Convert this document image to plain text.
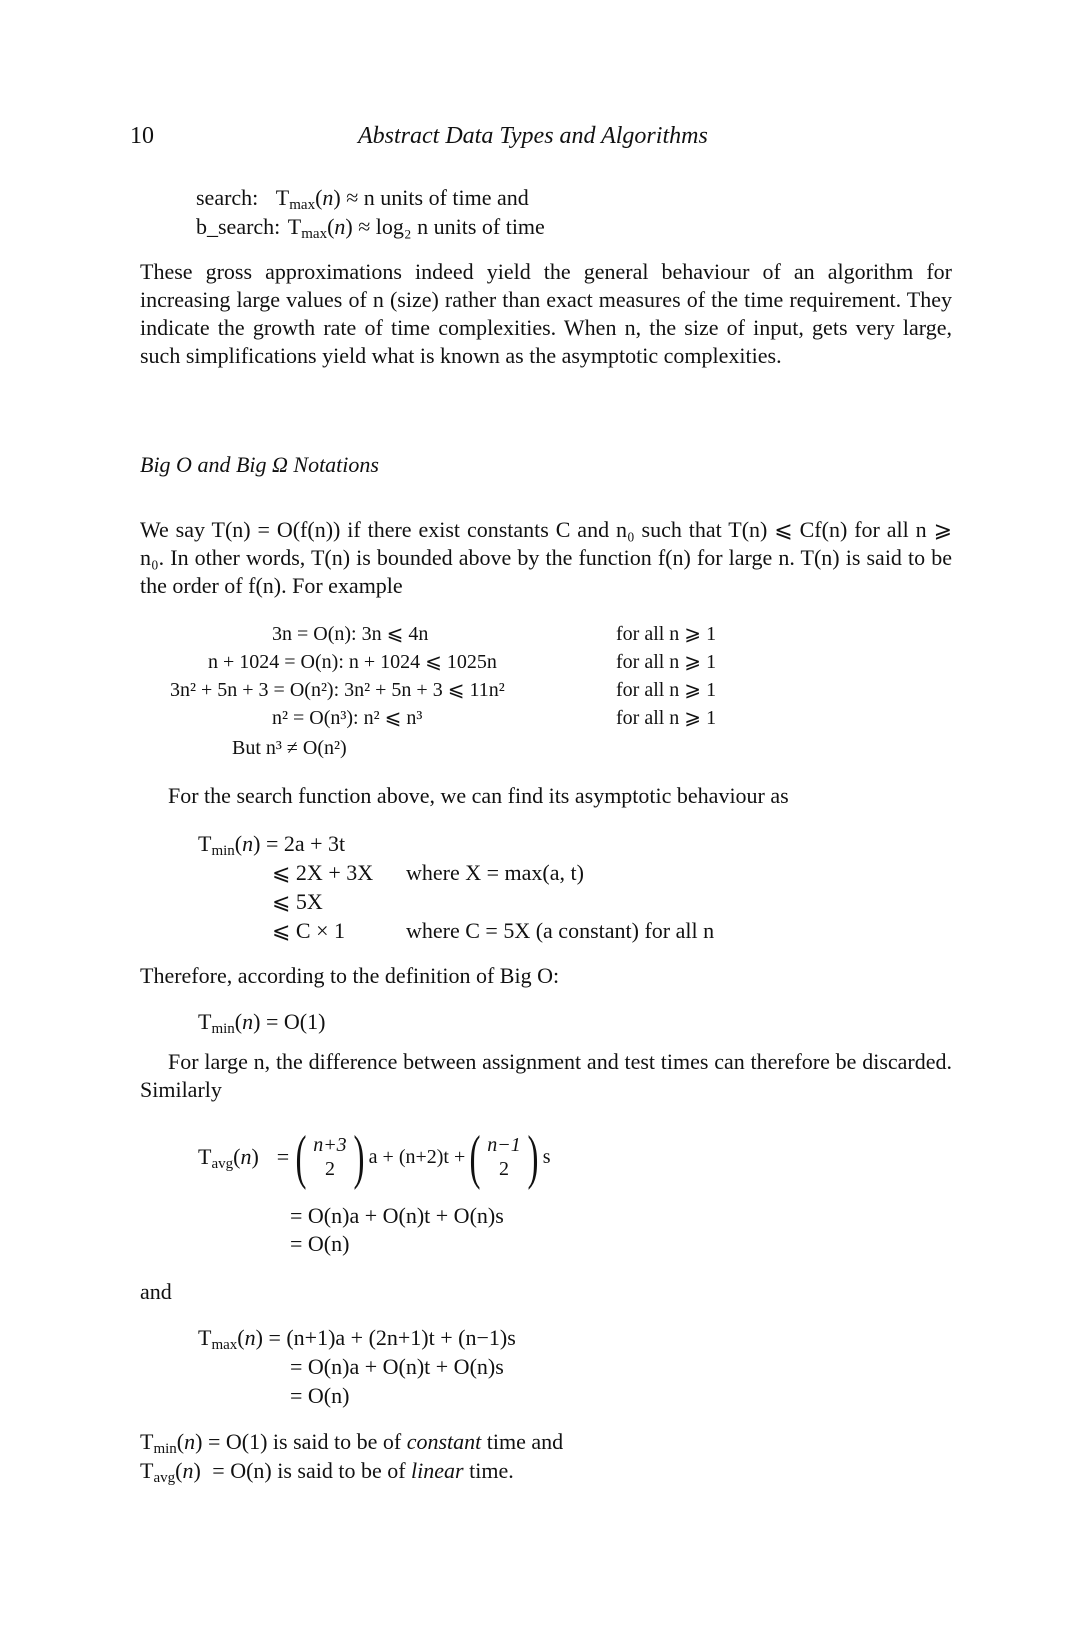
10	Abstract Data Types and Algorithms
search: $T_{max}(n) \approx n$ units of time and
b_search: $T_{max}(n) \approx \log_2$ n units of time

These gross approximations indeed yield the general behaviour of an algorithm for increasing large values of n (size) rather than exact measures of the time requirement. They indicate the growth rate of time complexities. When n, the size of input, gets very large, such simplifications yield what is known as the asymptotic complexities.

Big O and Big Ω Notations

We say T(n) = O(f(n)) if there exist constants C and n₀ such that T(n) ⩽ Cf(n) for all n ⩾ n₀. In other words, T(n) is bounded above by the function f(n) for large n. T(n) is said to be the order of f(n). For example

3n = O(n): 3n ⩽ 4n	for all n ⩾ 1
n + 1024 = O(n): n + 1024 ⩽ 1025n	for all n ⩾ 1
3n² + 5n + 3 = O(n²): 3n² + 5n + 3 ⩽ 11n²	for all n ⩾ 1
n² = O(n³): n² ⩽ n³	for all n ⩾ 1
But n³ ≠ O(n²)
For the search function above, we can find its asymptotic behaviour as
$T_{min}(n) = 2a + 3t$
⩽ 2X + 3X where X = max(a, t)
⩽ 5X
⩽ C × 1	where C = 5X (a constant) for all n
Therefore, according to the definition of Big O:
$T_{min}(n) = O(1)$

For large n, the difference between assignment and test times can therefore be discarded. Similarly

$T_{avg}(n)$ = ( n+3
2 ) a + (n+2)t + ( n−1
2 ) s
= O(n)a + O(n)t + O(n)s
= O(n)
and
$T_{max}(n) = (n+1)a + (2n+1)t + (n-1)s$
= O(n)a + O(n)t + O(n)s
= O(n)
$T_{min}(n) = O(1)$ is said to be of constant time and
$T_{avg}(n) = O(n)$ is said to be of linear time.
